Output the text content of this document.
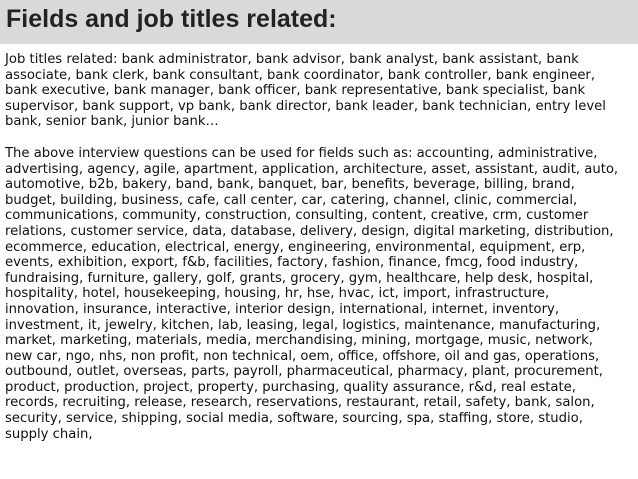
Fields and job titles related:

Job titles related: bank administrator, bank advisor, bank analyst, bank assistant, bank
associate, bank clerk, bank consultant, bank coordinator, bank controller, bank engineer,
bank executive, bank manager, bank officer, bank representative, bank specialist, bank
supervisor, bank support, vp bank, bank director, bank leader, bank technician, entry level
bank, senior bank, junior bank…

The above interview questions can be used for fields such as: accounting, administrative,
advertising, agency, agile, apartment, application, architecture, asset, assistant, audit, auto,
automotive, b2b, bakery, band, bank, banquet, bar, benefits, beverage, billing, brand,
budget, building, business, cafe, call center, car, catering, channel, clinic, commercial,
communications, community, construction, consulting, content, creative, crm, customer
relations, customer service, data, database, delivery, design, digital marketing, distribution,
ecommerce, education, electrical, energy, engineering, environmental, equipment, erp,
events, exhibition, export, f&b, facilities, factory, fashion, finance, fmcg, food industry,
fundraising, furniture, gallery, golf, grants, grocery, gym, healthcare, help desk, hospital,
hospitality, hotel, housekeeping, housing, hr, hse, hvac, ict, import, infrastructure,
innovation, insurance, interactive, interior design, international, internet, inventory,
investment, it, jewelry, kitchen, lab, leasing, legal, logistics, maintenance, manufacturing,
market, marketing, materials, media, merchandising, mining, mortgage, music, network,
new car, ngo, nhs, non profit, non technical, oem, office, offshore, oil and gas, operations,
outbound, outlet, overseas, parts, payroll, pharmaceutical, pharmacy, plant, procurement,
product, production, project, property, purchasing, quality assurance, r&d, real estate,
records, recruiting, release, research, reservations, restaurant, retail, safety, bank, salon,
security, service, shipping, social media, software, sourcing, spa, staffing, store, studio,
supply chain,
